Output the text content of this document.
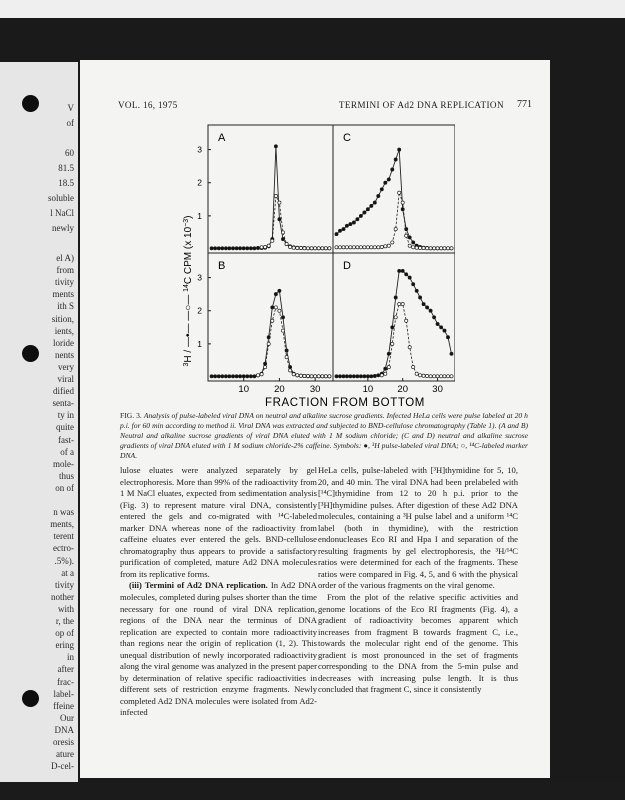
V
of
60
81.5
18.5
soluble
l NaCl
newly
el A)
from
tivity
ments
ith S
sition,
ients,
loride
nents
very
viral
dified
senta-
ty in
quite
fast-
of a
mole-
thus
on of
n was
ments,
terent
ectro-
.5%).
at a
tivity
nother
with
r, the
op of
ering
in
after
frac-
label-
ffeine
Our
DNA
oresis
ature
D-cel-
VOL. 16, 1975	TERMINI OF Ad2 DNA REPLICATION 771
A
1
2
3
C
B
1
2
3
10	20	30
D
10	20	30
$^3$H / —•— —○— $^{14}$C CPM (x $10^{-3}$)
FRACTION FROM BOTTOM
FIG. 3. Analysis of pulse-labeled viral DNA on neutral and alkaline sucrose gradients. Infected HeLa cells were pulse labeled at 20 h p.i. for 60 min according to method ii. Viral DNA was extracted and subjected to BND-cellulose chromatography (Table 1). (A and B) Neutral and alkaline sucrose gradients of viral DNA eluted with 1 M sodium chloride; (C and D) neutral and alkaline sucrose gradients of viral DNA eluted with 1 M sodium chloride-2% caffeine. Symbols: ●, ³H pulse-labeled viral DNA; ○, ¹⁴C-labeled marker DNA.

lulose eluates were analyzed separately by gel electrophoresis. More than 99% of the radioactivity from 1 M NaCl eluates, expected from sedimentation analysis (Fig. 3) to represent mature viral DNA, consistently entered the gels and co-migrated with ¹⁴C-labeled marker DNA whereas none of the radioactivity from caffeine eluates ever entered the gels. BND-cellulose chromatography thus appears to provide a satisfactory purification of completed, mature Ad2 DNA molecules from its replicative forms.

(iii) Termini of Ad2 DNA replication. In Ad2 DNA molecules, completed during pulses shorter than the time necessary for one round of viral DNA replication, regions of the DNA near the terminus of DNA replication are expected to contain more radioactivity than regions near the origin of replication (1, 2). This unequal distribution of newly incorporated radioactivity along the viral genome was analyzed in the present paper by determination of relative specific radioactivities in different sets of restriction enzyme fragments. Newly completed Ad2 DNA molecules were isolated from Ad2-infected

HeLa cells, pulse-labeled with [³H]thymidine for 5, 10, 20, and 40 min. The viral DNA had been prelabeled with [¹⁴C]thymidine from 12 to 20 h p.i. prior to the [³H]thymidine pulses. After digestion of these Ad2 DNA molecules, containing a ³H pulse label and a uniform ¹⁴C label (both in thymidine), with the restriction endonucleases Eco RI and Hpa I and separation of the resulting fragments by gel electrophoresis, the ³H/¹⁴C ratios were determined for each of the fragments. These ratios were compared in Fig. 4, 5, and 6 with the physical order of the various fragments on the viral genome.

From the plot of the relative specific activities and genome locations of the Eco RI fragments (Fig. 4), a gradient of radioactivity becomes apparent which increases from fragment B towards fragment C, i.e., towards the molecular right end of the genome. This gradient is most pronounced in the set of fragments corresponding to the DNA from the 5-min pulse and decreases with increasing pulse length. It is thus concluded that fragment C, since it consistently
